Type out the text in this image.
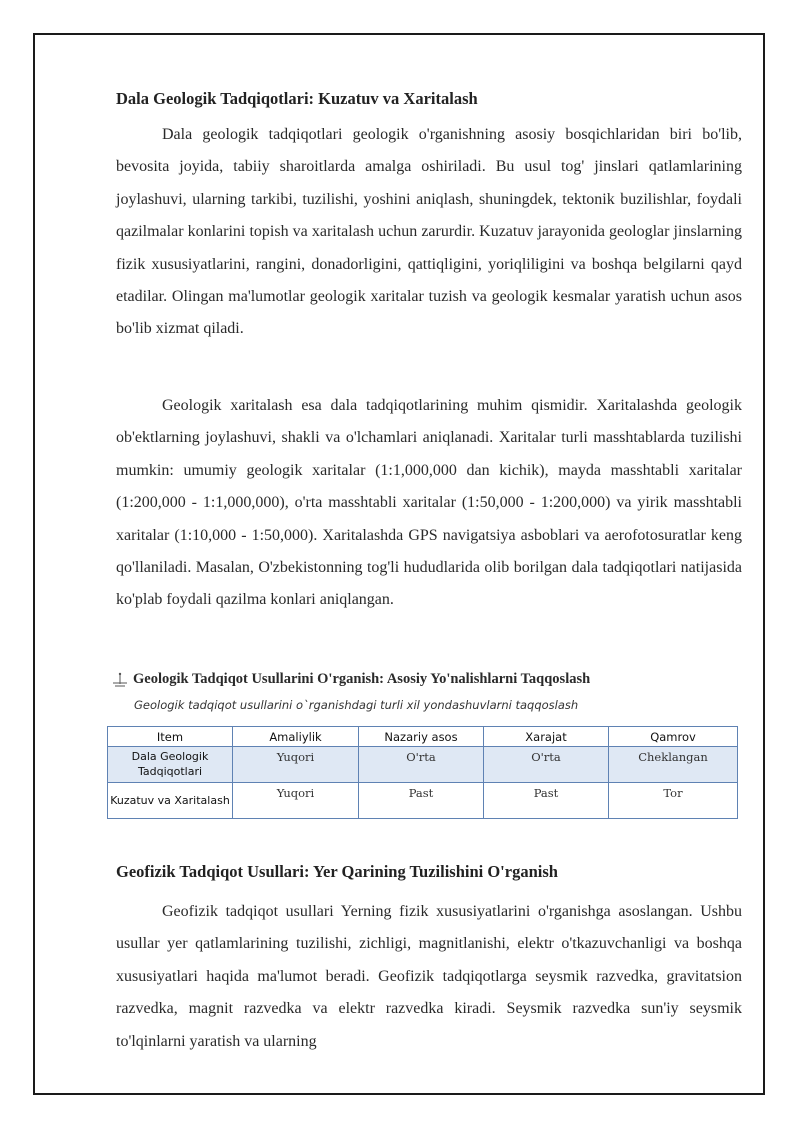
Dala Geologik Tadqiqotlari: Kuzatuv va Xaritalash

Dala geologik tadqiqotlari geologik o'rganishning asosiy bosqichlaridan biri bo'lib, bevosita joyida, tabiiy sharoitlarda amalga oshiriladi. Bu usul tog' jinslari qatlamlarining joylashuvi, ularning tarkibi, tuzilishi, yoshini aniqlash, shuningdek, tektonik buzilishlar, foydali qazilmalar konlarini topish va xaritalash uchun zarurdir. Kuzatuv jarayonida geologlar jinslarning fizik xususiyatlarini, rangini, donadorligini, qattiqligini, yoriqliligini va boshqa belgilarni qayd etadilar. Olingan ma'lumotlar geologik xaritalar tuzish va geologik kesmalar yaratish uchun asos bo'lib xizmat qiladi.

Geologik xaritalash esa dala tadqiqotlarining muhim qismidir. Xaritalashda geologik ob'ektlarning joylashuvi, shakli va o'lchamlari aniqlanadi. Xaritalar turli masshtablarda tuzilishi mumkin: umumiy geologik xaritalar (1:1,000,000 dan kichik), mayda masshtabli xaritalar (1:200,000 - 1:1,000,000), o'rta masshtabli xaritalar (1:50,000 - 1:200,000) va yirik masshtabli xaritalar (1:10,000 - 1:50,000). Xaritalashda GPS navigatsiya asboblari va aerofotosuratlar keng qo'llaniladi. Masalan, O'zbekistonning tog'li hududlarida olib borilgan dala tadqiqotlari natijasida ko'plab foydali qazilma konlari aniqlangan.

Geologik Tadqiqot Usullarini O'rganish: Asosiy Yo'nalishlarni Taqqoslash
Geologik tadqiqot usullarini o`rganishdagi turli xil yondashuvlarni taqqoslash
Item	Amaliylik	Nazariy asos	Xarajat	Qamrov
Dala Geologik Tadqiqotlari	Yuqori	O'rta	O'rta	Cheklangan
Kuzatuv va Xaritalash	Yuqori	Past	Past	Tor
Geofizik Tadqiqot Usullari: Yer Qarining Tuzilishini O'rganish

Geofizik tadqiqot usullari Yerning fizik xususiyatlarini o'rganishga asoslangan. Ushbu usullar yer qatlamlarining tuzilishi, zichligi, magnitlanishi, elektr o'tkazuvchanligi va boshqa xususiyatlari haqida ma'lumot beradi. Geofizik tadqiqotlarga seysmik razvedka, gravitatsion razvedka, magnit razvedka va elektr razvedka kiradi. Seysmik razvedka sun'iy seysmik to'lqinlarni yaratish va ularning
